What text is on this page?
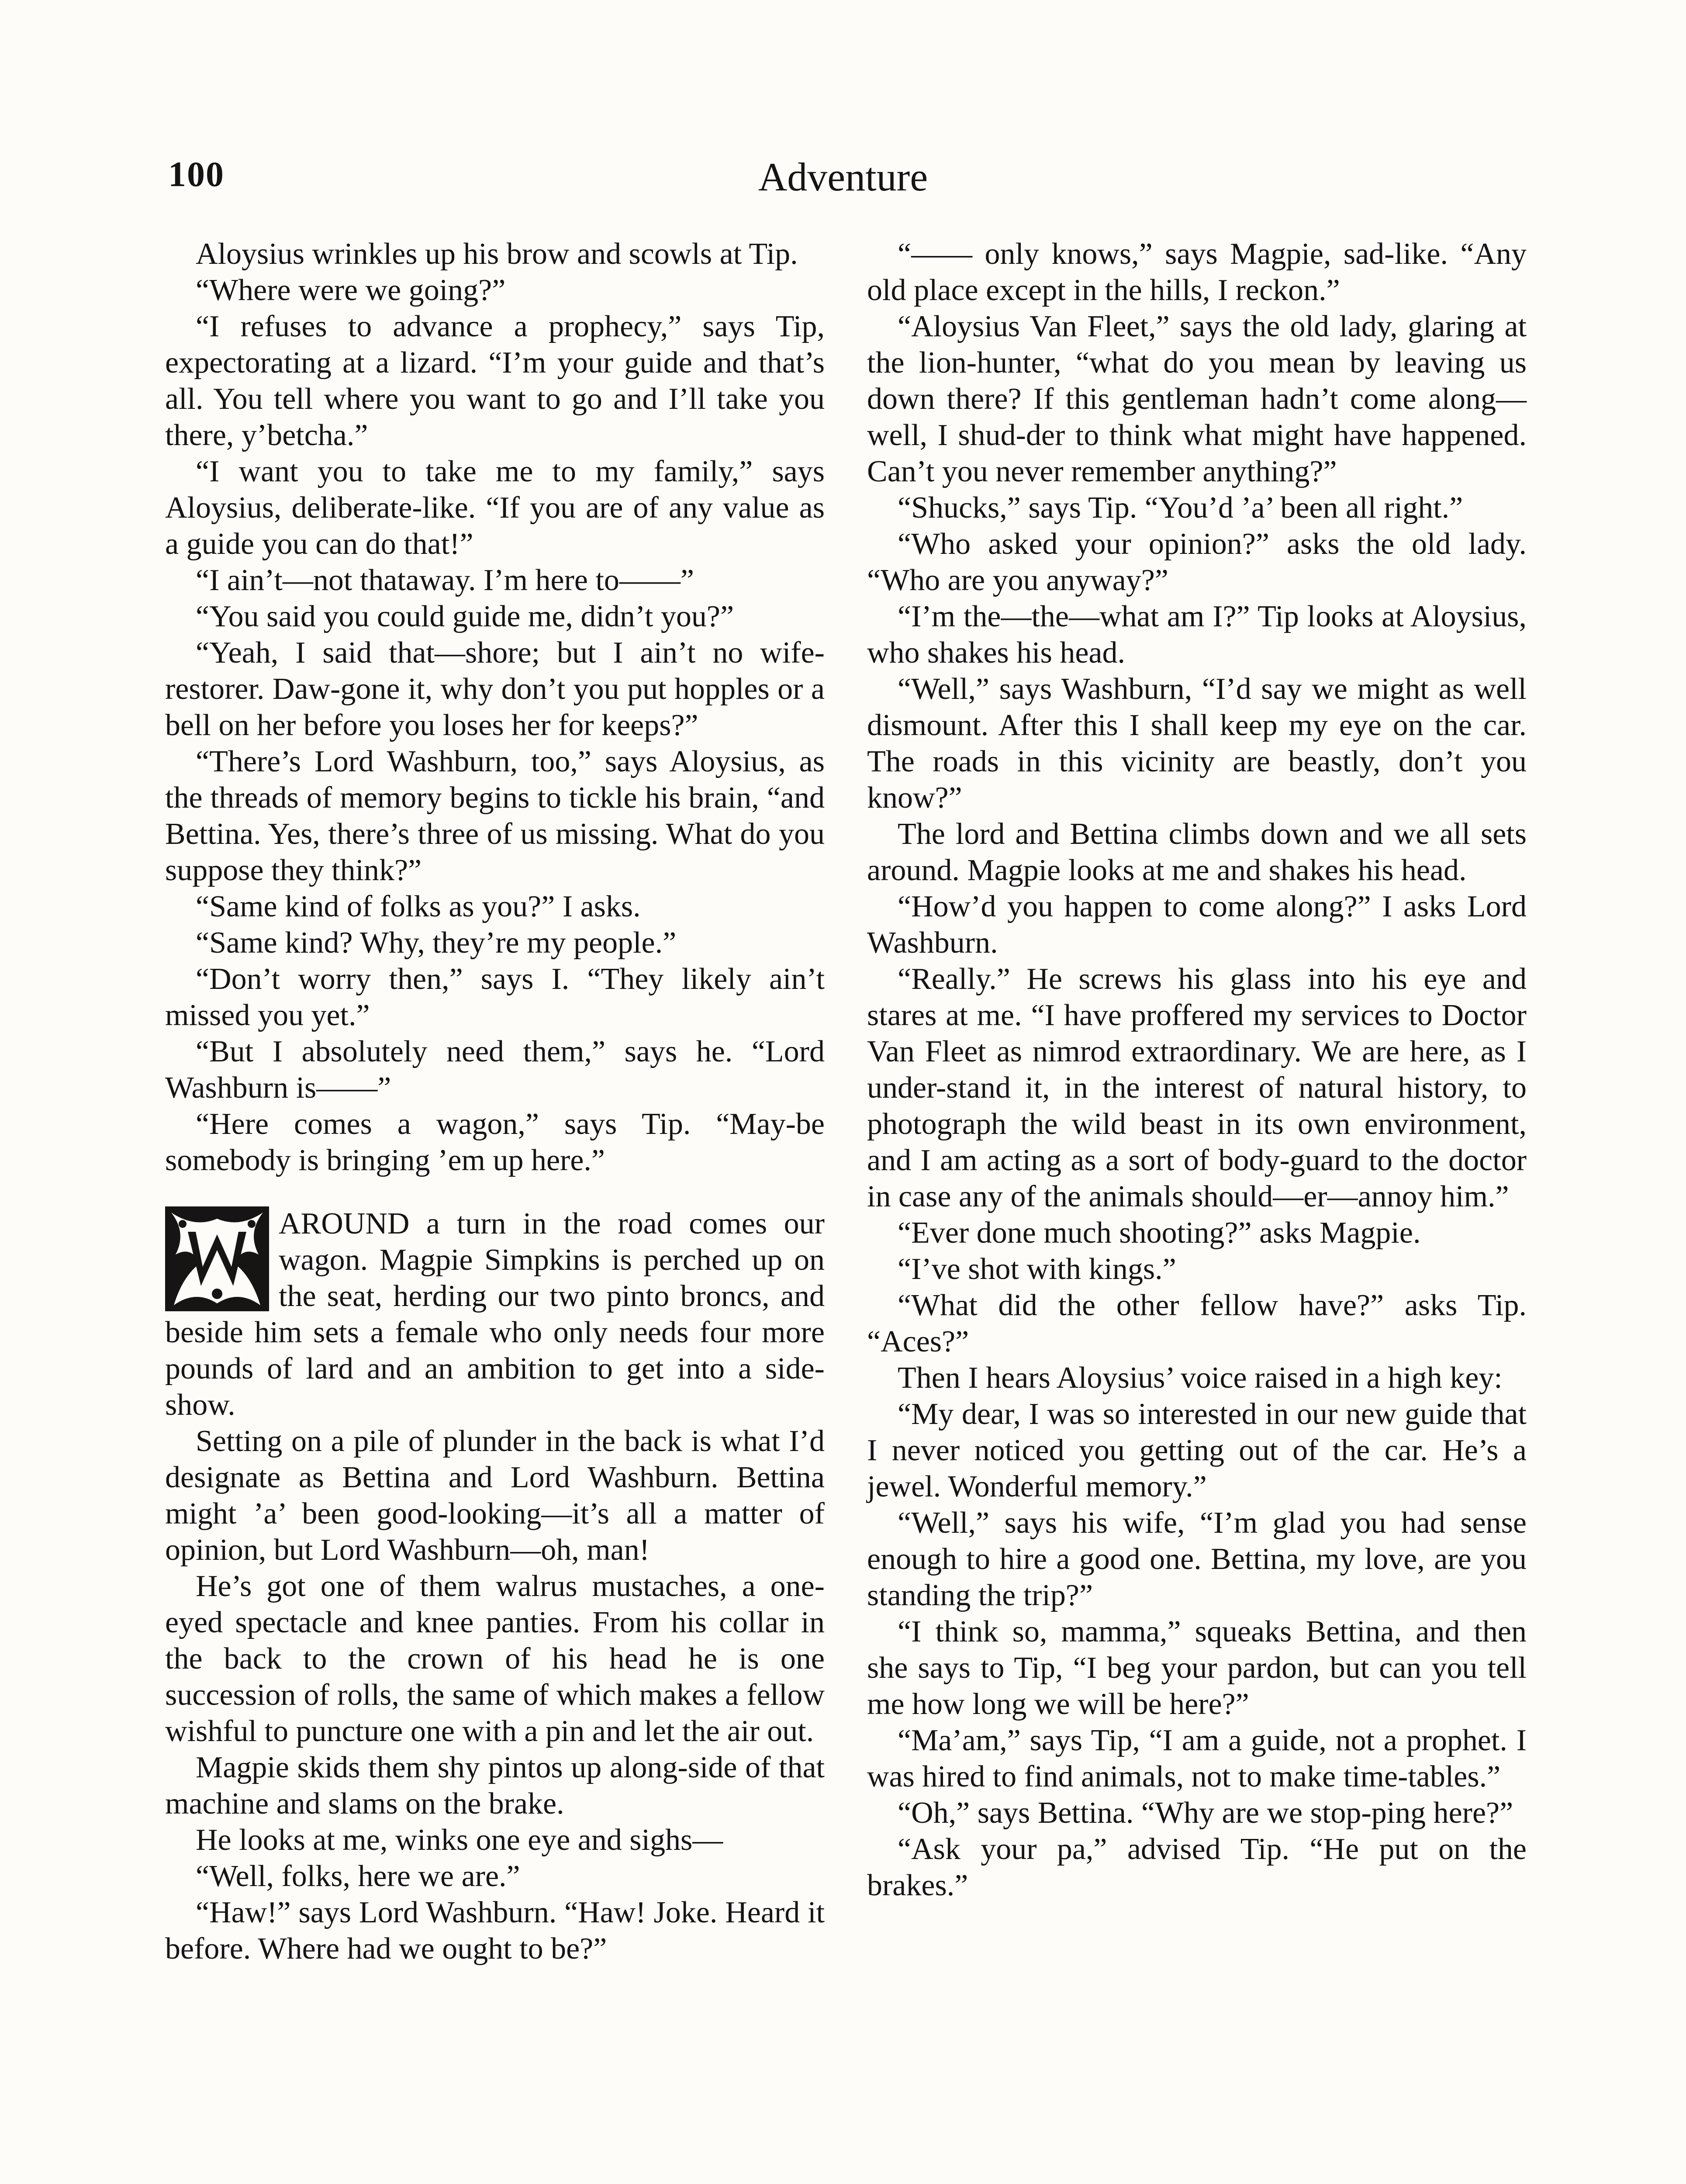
100	Adventure

Aloysius wrinkles up his brow and scowls at Tip.

“Where were we going?”

“I refuses to advance a prophecy,” says Tip, expectorating at a lizard. “I’m your guide and that’s all. You tell where you want to go and I’ll take you there, y’betcha.”

“I want you to take me to my family,” says Aloysius, deliberate-like. “If you are of any value as a guide you can do that!”

“I ain’t—not thataway. I’m here to——”

“You said you could guide me, didn’t you?”

“Yeah, I said that—shore; but I ain’t no wife-restorer. Daw-gone it, why don’t you put hopples or a bell on her before you loses her for keeps?”

“There’s Lord Washburn, too,” says Aloysius, as the threads of memory begins to tickle his brain, “and Bettina. Yes, there’s three of us missing. What do you suppose they think?”

“Same kind of folks as you?” I asks.

“Same kind? Why, they’re my people.”

“Don’t worry then,” says I. “They likely ain’t missed you yet.”

“But I absolutely need them,” says he. “Lord Washburn is——”

“Here comes a wagon,” says Tip. “May-be somebody is bringing ’em up here.”

AROUND a turn in the road comes our wagon. Magpie Simpkins is perched up on the seat, herding our two pinto broncs, and beside him sets a female who only needs four more pounds of lard and an ambition to get into a side-show.

Setting on a pile of plunder in the back is what I’d designate as Bettina and Lord Washburn. Bettina might ’a’ been good-looking—it’s all a matter of opinion, but Lord Washburn—oh, man!

He’s got one of them walrus mustaches, a one-eyed spectacle and knee panties. From his collar in the back to the crown of his head he is one succession of rolls, the same of which makes a fellow wishful to puncture one with a pin and let the air out.

Magpie skids them shy pintos up along-side of that machine and slams on the brake.

He looks at me, winks one eye and sighs—

“Well, folks, here we are.”

“Haw!” says Lord Washburn. “Haw! Joke. Heard it before. Where had we ought to be?”

“—— only knows,” says Magpie, sad-like. “Any old place except in the hills, I reckon.”

“Aloysius Van Fleet,” says the old lady, glaring at the lion-hunter, “what do you mean by leaving us down there? If this gentleman hadn’t come along—well, I shud-der to think what might have happened. Can’t you never remember anything?”

“Shucks,” says Tip. “You’d ’a’ been all right.”

“Who asked your opinion?” asks the old lady. “Who are you anyway?”

“I’m the—the—what am I?” Tip looks at Aloysius, who shakes his head.

“Well,” says Washburn, “I’d say we might as well dismount. After this I shall keep my eye on the car. The roads in this vicinity are beastly, don’t you know?”

The lord and Bettina climbs down and we all sets around. Magpie looks at me and shakes his head.

“How’d you happen to come along?” I asks Lord Washburn.

“Really.” He screws his glass into his eye and stares at me. “I have proffered my services to Doctor Van Fleet as nimrod extraordinary. We are here, as I under-stand it, in the interest of natural history, to photograph the wild beast in its own environment, and I am acting as a sort of body-guard to the doctor in case any of the animals should—er—annoy him.”

“Ever done much shooting?” asks Magpie.

“I’ve shot with kings.”

“What did the other fellow have?” asks Tip. “Aces?”

Then I hears Aloysius’ voice raised in a high key:

“My dear, I was so interested in our new guide that I never noticed you getting out of the car. He’s a jewel. Wonderful memory.”

“Well,” says his wife, “I’m glad you had sense enough to hire a good one. Bettina, my love, are you standing the trip?”

“I think so, mamma,” squeaks Bettina, and then she says to Tip, “I beg your pardon, but can you tell me how long we will be here?”

“Ma’am,” says Tip, “I am a guide, not a prophet. I was hired to find animals, not to make time-tables.”

“Oh,” says Bettina. “Why are we stop-ping here?”

“Ask your pa,” advised Tip. “He put on the brakes.”
